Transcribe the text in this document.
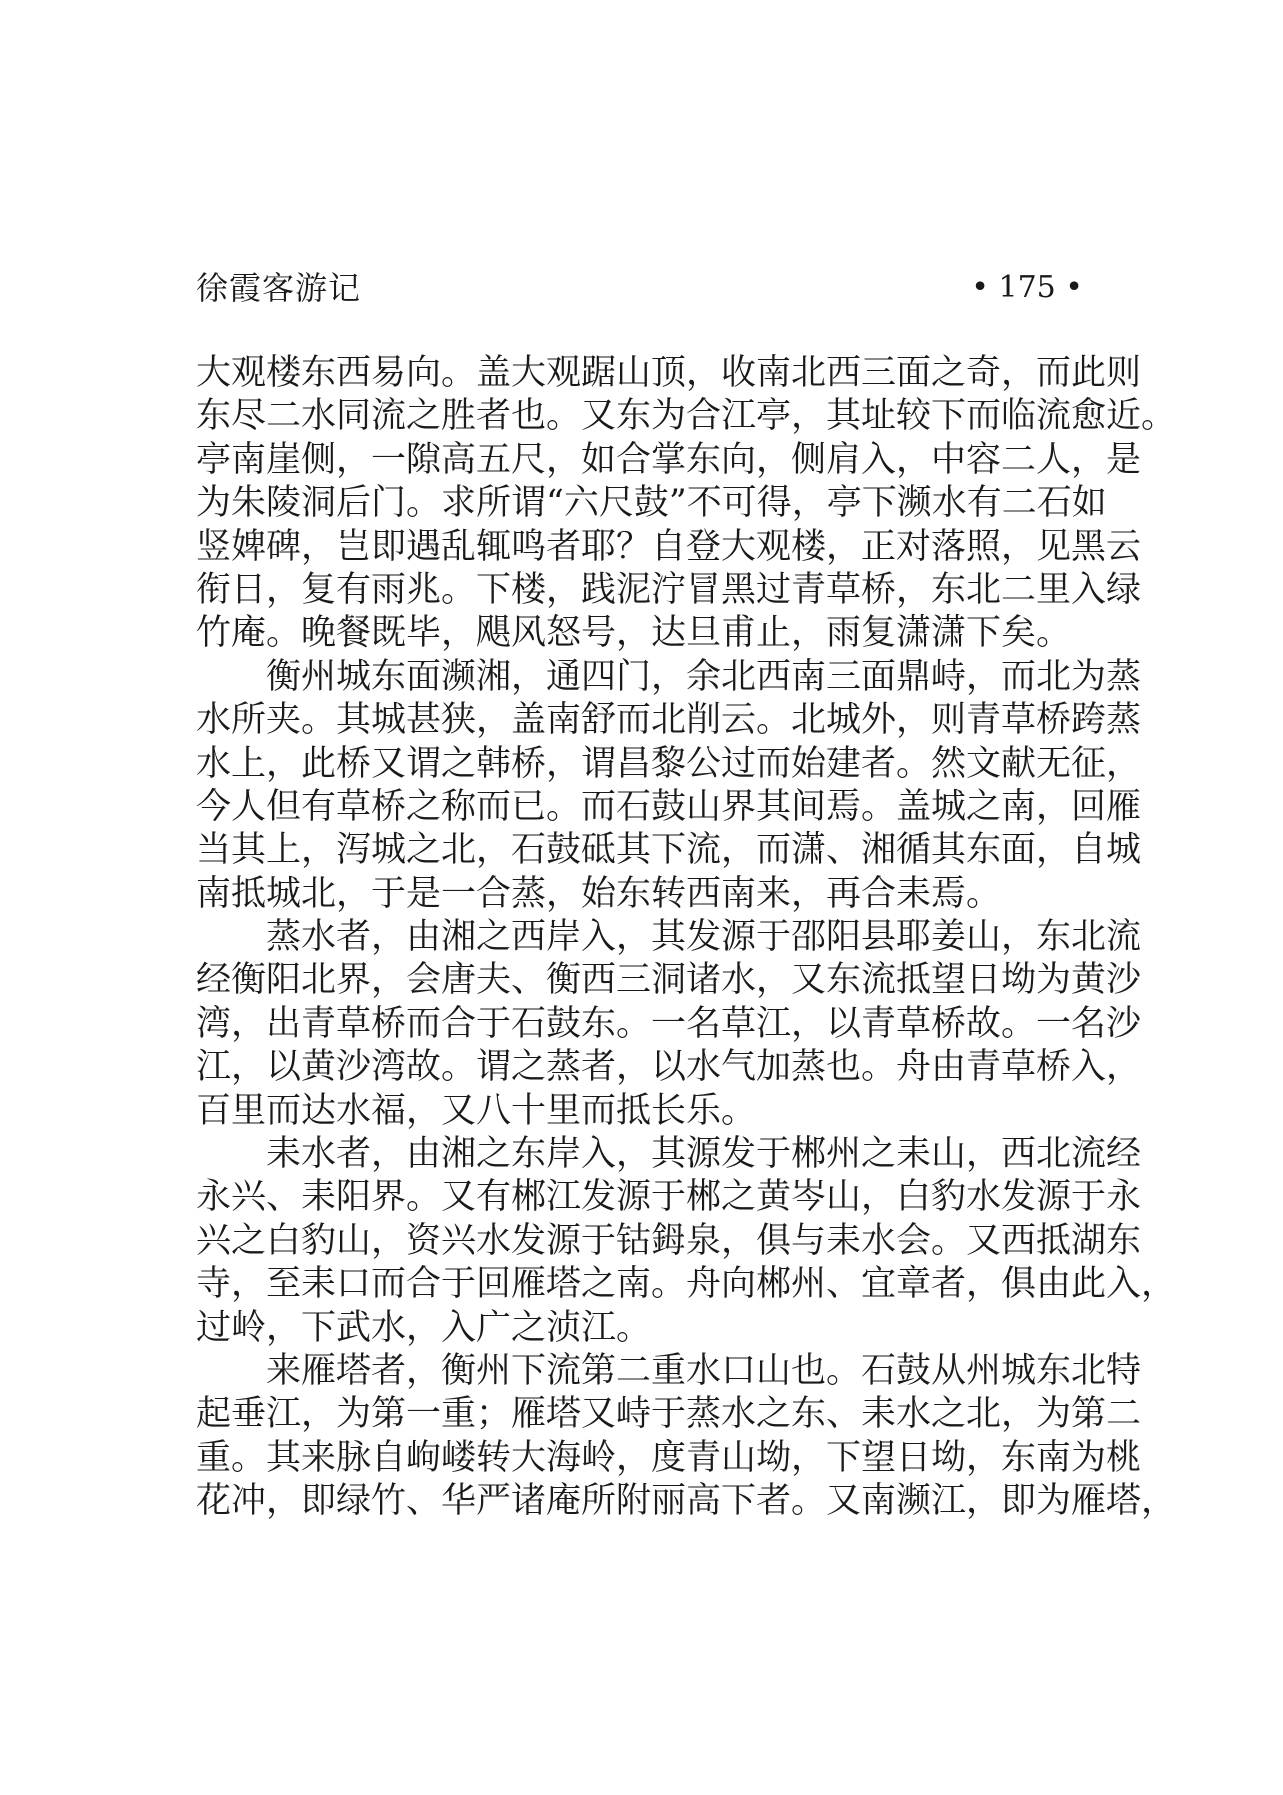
徐霞客游记	• 175 •
大观楼东西易向。盖大观踞山顶，收南北西三面之奇，而此则
东尽二水同流之胜者也。又东为合江亭，其址较下而临流愈近。
亭南崖侧，一隙高五尺，如合掌东向，侧肩入，中容二人，是
为朱陵洞后门。求所谓“六尺鼓”不可得，亭下濒水有二石如
竖婢碑，岂即遇乱辄鸣者耶？自登大观楼，正对落照，见黑云
衔日，复有雨兆。下楼，践泥泞冒黑过青草桥，东北二里入绿
竹庵。晚餐既毕，飓风怒号，达旦甫止，雨复潇潇下矣。
衡州城东面濒湘，通四门，余北西南三面鼎峙，而北为蒸
水所夹。其城甚狭，盖南舒而北削云。北城外，则青草桥跨蒸
水上，此桥又谓之韩桥，谓昌黎公过而始建者。然文献无征，
今人但有草桥之称而已。而石鼓山界其间焉。盖城之南，回雁
当其上，泻城之北，石鼓砥其下流，而潇、湘循其东面，自城
南抵城北，于是一合蒸，始东转西南来，再合耒焉。
蒸水者，由湘之西岸入，其发源于邵阳县耶姜山，东北流
经衡阳北界，会唐夫、衡西三洞诸水，又东流抵望日坳为黄沙
湾，出青草桥而合于石鼓东。一名草江，以青草桥故。一名沙
江，以黄沙湾故。谓之蒸者，以水气加蒸也。舟由青草桥入，
百里而达水福，又八十里而抵长乐。
耒水者，由湘之东岸入，其源发于郴州之耒山，西北流经
永兴、耒阳界。又有郴江发源于郴之黄岑山，白豹水发源于永
兴之白豹山，资兴水发源于钴鉧泉，俱与耒水会。又西抵湖东
寺，至耒口而合于回雁塔之南。舟向郴州、宜章者，俱由此入，
过岭，下武水，入广之浈江。
来雁塔者，衡州下流第二重水口山也。石鼓从州城东北特
起垂江，为第一重；雁塔又峙于蒸水之东、耒水之北，为第二
重。其来脉自岣嵝转大海岭，度青山坳，下望日坳，东南为桃
花冲，即绿竹、华严诸庵所附丽高下者。又南濒江，即为雁塔，
